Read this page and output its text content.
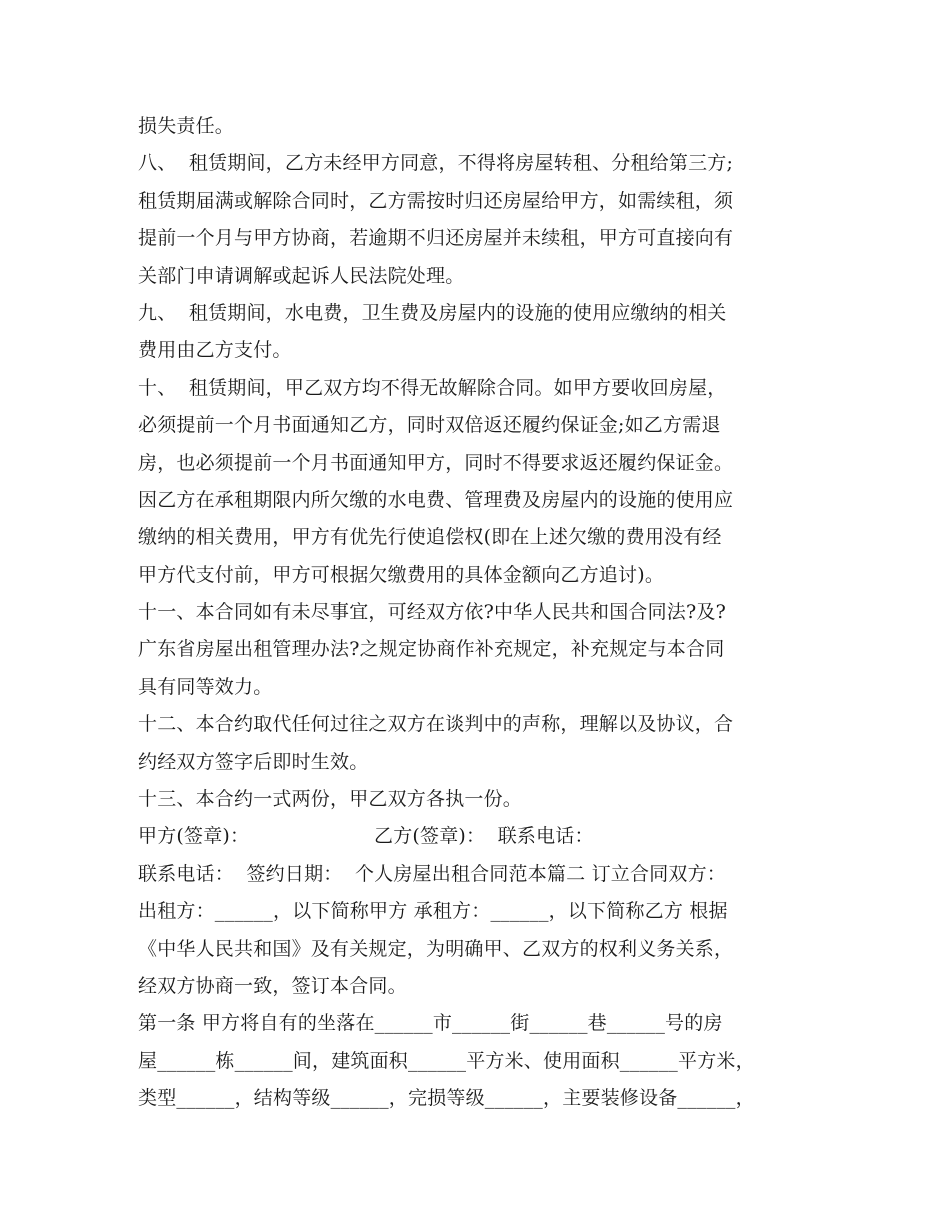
损失责任。
八、  租赁期间，乙方未经甲方同意，不得将房屋转租、分租给第三方;
租赁期届满或解除合同时，乙方需按时归还房屋给甲方，如需续租，须
提前一个月与甲方协商，若逾期不归还房屋并未续租，甲方可直接向有
关部门申请调解或起诉人民法院处理。
九、  租赁期间，水电费，卫生费及房屋内的设施的使用应缴纳的相关
费用由乙方支付。
十、  租赁期间，甲乙双方均不得无故解除合同。如甲方要收回房屋，
必须提前一个月书面通知乙方，同时双倍返还履约保证金;如乙方需退
房，也必须提前一个月书面通知甲方，同时不得要求返还履约保证金。
因乙方在承租期限内所欠缴的水电费、管理费及房屋内的设施的使用应
缴纳的相关费用，甲方有优先行使追偿权(即在上述欠缴的费用没有经
甲方代支付前，甲方可根据欠缴费用的具体金额向乙方追讨)。
十一、本合同如有未尽事宜，可经双方依?中华人民共和国合同法?及?
广东省房屋出租管理办法?之规定协商作补充规定，补充规定与本合同
具有同等效力。
十二、本合约取代任何过往之双方在谈判中的声称，理解以及协议，合
约经双方签字后即时生效。
十三、本合约一式两份，甲乙双方各执一份。
甲方(签章)：                    乙方(签章)：  联系电话：
联系电话：  签约日期：  个人房屋出租合同范本篇二 订立合同双方：
出租方：______，以下简称甲方 承租方：______，以下简称乙方 根据
《中华人民共和国》及有关规定，为明确甲、乙双方的权利义务关系，
经双方协商一致，签订本合同。
第一条 甲方将自有的坐落在______市______街______巷______号的房
屋______栋______间，建筑面积______平方米、使用面积______平方米，
类型______，结构等级______，完损等级______，主要装修设备______，
